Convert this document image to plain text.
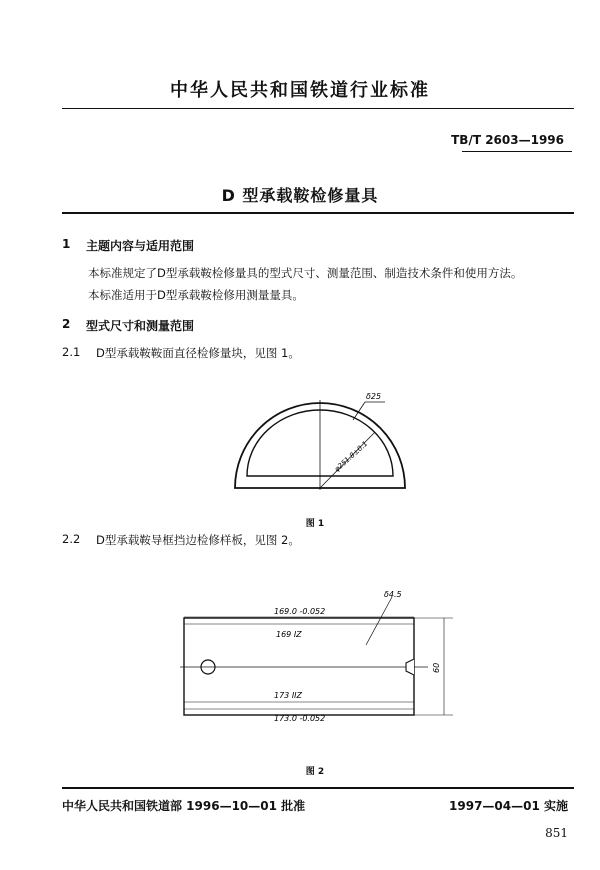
中华人民共和国铁道行业标准
TB/T 2603—1996
D 型承载鞍检修量具
1 主题内容与适用范围
本标准规定了D型承载鞍检修量具的型式尺寸、测量范围、制造技术条件和使用方法。
本标准适用于D型承载鞍检修用测量量具。
2 型式尺寸和测量范围
2.1 D型承载鞍鞍面直径检修量块，见图 1。
δ25
φ251.8±0.1
图 1
2.2 D型承载鞍导框挡边检修样板，见图 2。
δ4.5
169.0 -0.052
169 IZ
173 IIZ
173.0 -0.052
60
图 2
中华人民共和国铁道部 1996—10—01 批准	1997—04—01 实施
851
